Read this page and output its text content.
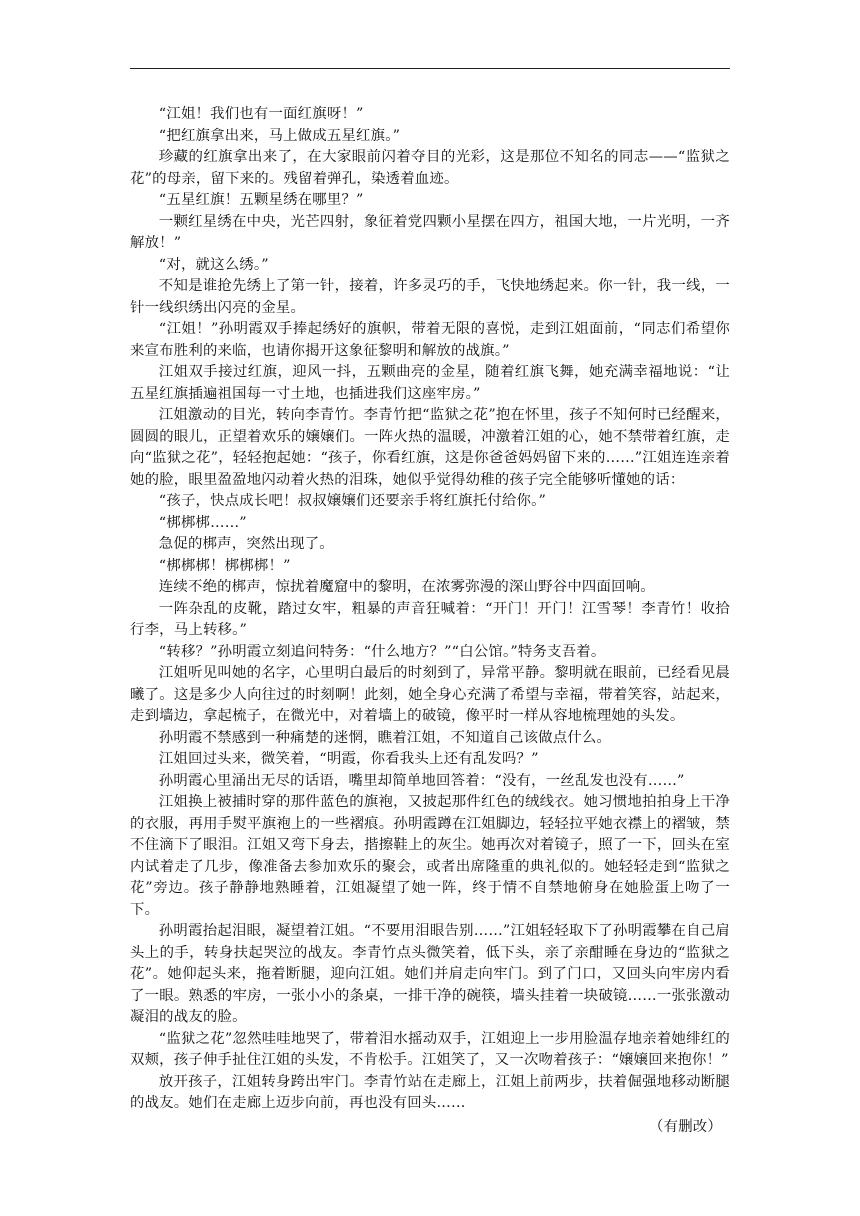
“江姐！我们也有一面红旗呀！”

“把红旗拿出来，马上做成五星红旗。”

珍藏的红旗拿出来了，在大家眼前闪着夺目的光彩，这是那位不知名的同志——“监狱之花”的母亲，留下来的。残留着弹孔，染透着血迹。

“五星红旗！五颗星绣在哪里？”

一颗红星绣在中央，光芒四射，象征着党四颗小星摆在四方，祖国大地，一片光明，一齐解放！”

“对，就这么绣。”

不知是谁抢先绣上了第一针，接着，许多灵巧的手，飞快地绣起来。你一针，我一线，一针一线织绣出闪亮的金星。

“江姐！”孙明霞双手捧起绣好的旗帜，带着无限的喜悦，走到江姐面前，“同志们希望你来宣布胜利的来临，也请你揭开这象征黎明和解放的战旗。”

江姐双手接过红旗，迎风一抖，五颗曲亮的金星，随着红旗飞舞，她充满幸福地说：“让五星红旗插遍祖国每一寸土地，也插进我们这座牢房。”

江姐激动的目光，转向李青竹。李青竹把“监狱之花”抱在怀里，孩子不知何时已经醒来，圆圆的眼儿，正望着欢乐的嬢嬢们。一阵火热的温暖，冲激着江姐的心，她不禁带着红旗，走向“监狱之花”，轻轻抱起她：“孩子，你看红旗，这是你爸爸妈妈留下来的……”江姐连连亲着她的脸，眼里盈盈地闪动着火热的泪珠，她似乎觉得幼稚的孩子完全能够听懂她的话：

“孩子，快点成长吧！叔叔嬢嬢们还要亲手将红旗托付给你。”

“梆梆梆……”

急促的梆声，突然出现了。

“梆梆梆！梆梆梆！”

连续不绝的梆声，惊扰着魔窟中的黎明，在浓雾弥漫的深山野谷中四面回响。

一阵杂乱的皮靴，踏过女牢，粗暴的声音狂喊着：“开门！开门！江雪琴！李青竹！收拾行李，马上转移。”

“转移？”孙明霞立刻追问特务：“什么地方？”“白公馆。”特务支吾着。

江姐听见叫她的名字，心里明白最后的时刻到了，异常平静。黎明就在眼前，已经看见晨曦了。这是多少人向往过的时刻啊！此刻，她全身心充满了希望与幸福，带着笑容，站起来，走到墙边，拿起梳子，在微光中，对着墙上的破镜，像平时一样从容地梳理她的头发。

孙明霞不禁感到一种痛楚的迷惘，瞧着江姐，不知道自己该做点什么。

江姐回过头来，微笑着，“明霞，你看我头上还有乱发吗？”

孙明霞心里涌出无尽的话语，嘴里却简单地回答着：“没有，一丝乱发也没有……”

江姐换上被捕时穿的那件蓝色的旗袍，又披起那件红色的绒线衣。她习惯地拍拍身上干净的衣服，再用手熨平旗袍上的一些褶痕。孙明霞蹲在江姐脚边，轻轻拉平她衣襟上的褶皱，禁不住滴下了眼泪。江姐又弯下身去，揩擦鞋上的灰尘。她再次对着镜子，照了一下，回头在室内试着走了几步，像准备去参加欢乐的聚会，或者出席隆重的典礼似的。她轻轻走到“监狱之花”旁边。孩子静静地熟睡着，江姐凝望了她一阵，终于情不自禁地俯身在她脸蛋上吻了一下。

孙明霞抬起泪眼，凝望着江姐。“不要用泪眼告别……”江姐轻轻取下了孙明霞攀在自己肩头上的手，转身扶起哭泣的战友。李青竹点头微笑着，低下头，亲了亲酣睡在身边的“监狱之花”。她仰起头来，拖着断腿，迎向江姐。她们并肩走向牢门。到了门口，又回头向牢房内看了一眼。熟悉的牢房，一张小小的条桌，一排干净的碗筷，墙头挂着一块破镜……一张张激动凝泪的战友的脸。

“监狱之花”忽然哇哇地哭了，带着泪水摇动双手，江姐迎上一步用脸温存地亲着她绯红的双颊，孩子伸手扯住江姐的头发，不肯松手。江姐笑了，又一次吻着孩子：“嬢嬢回来抱你！”

放开孩子，江姐转身跨出牢门。李青竹站在走廊上，江姐上前两步，扶着倔强地移动断腿的战友。她们在走廊上迈步向前，再也没有回头……

（有删改）
